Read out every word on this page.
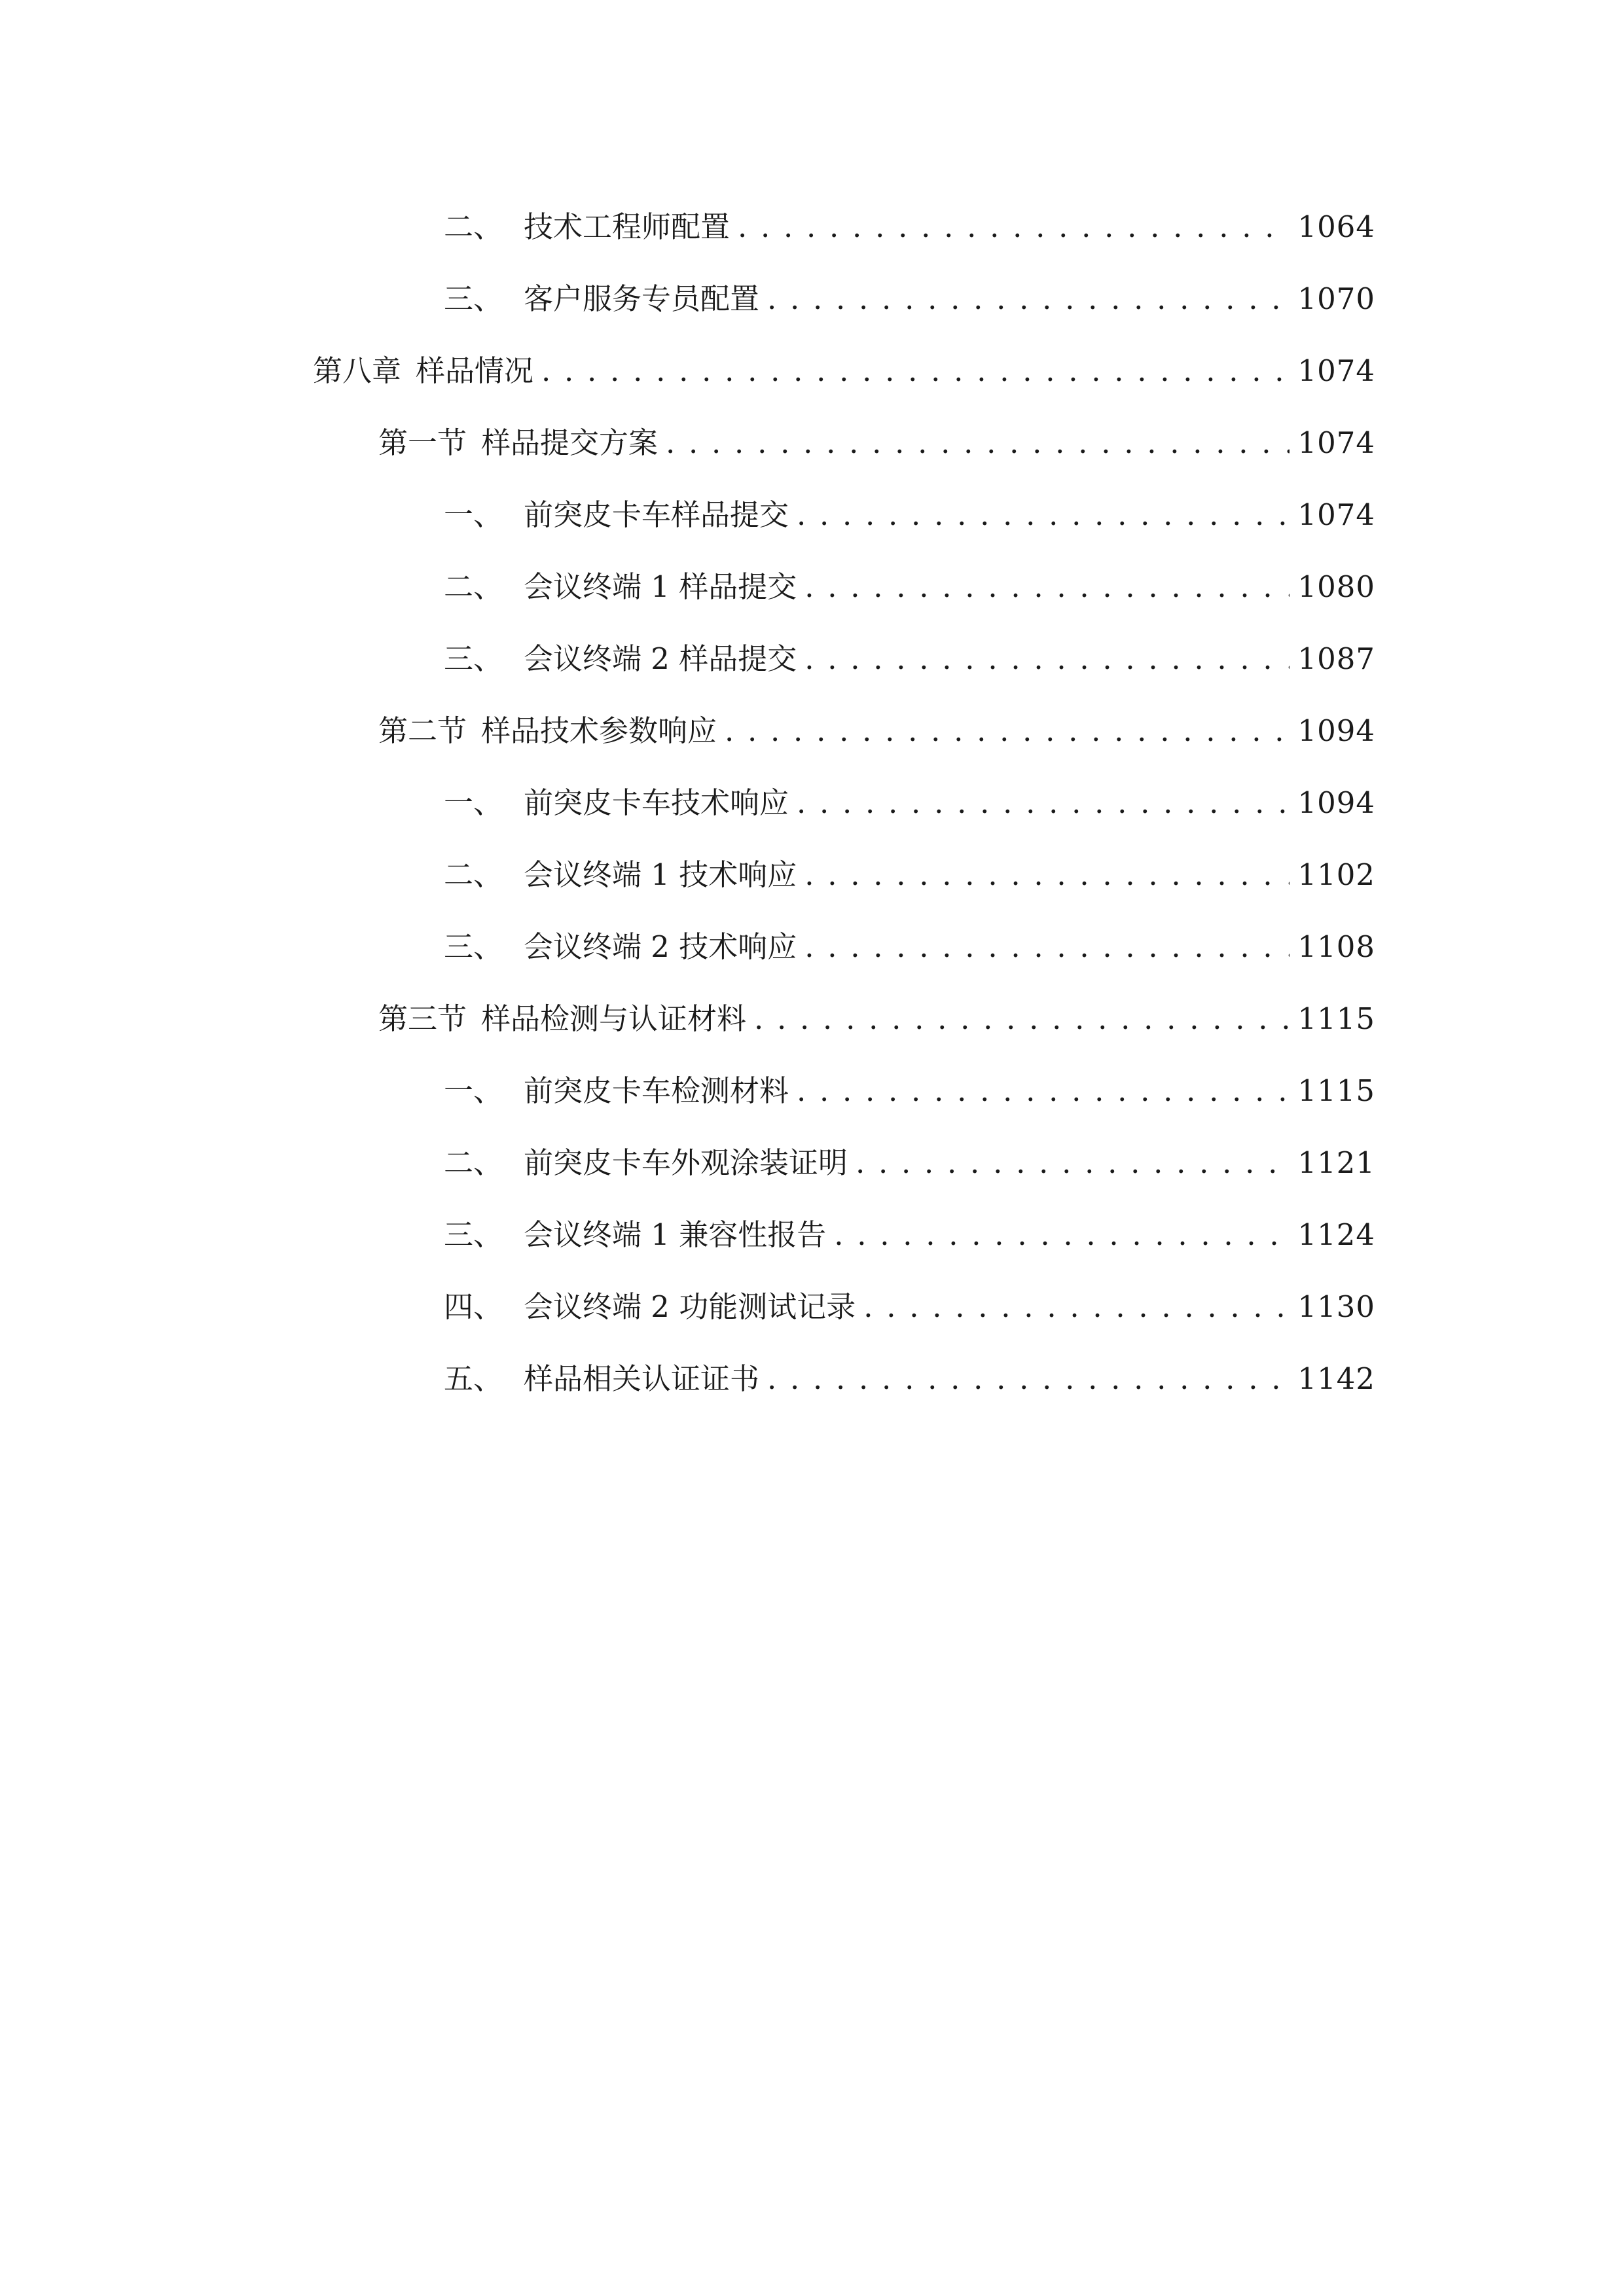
二、 技术工程师配置 . . .	1064
三、 客户服务专员配置 . . .	1070
第八章 样品情况 . . .	1074
第一节 样品提交方案 . . .	1074
一、 前突皮卡车样品提交 . . .	1074
二、 会议终端 1 样品提交 . . .	1080
三、 会议终端 2 样品提交 . . .	1087
第二节 样品技术参数响应 . . .	1094
一、 前突皮卡车技术响应 . . .	1094
二、 会议终端 1 技术响应 . . .	1102
三、 会议终端 2 技术响应 . . .	1108
第三节 样品检测与认证材料 . . .	1115
一、 前突皮卡车检测材料 . . .	1115
二、 前突皮卡车外观涂装证明 . . .	1121
三、 会议终端 1 兼容性报告 . . .	1124
四、 会议终端 2 功能测试记录 . . .	1130
五、 样品相关认证证书 . . .	1142
